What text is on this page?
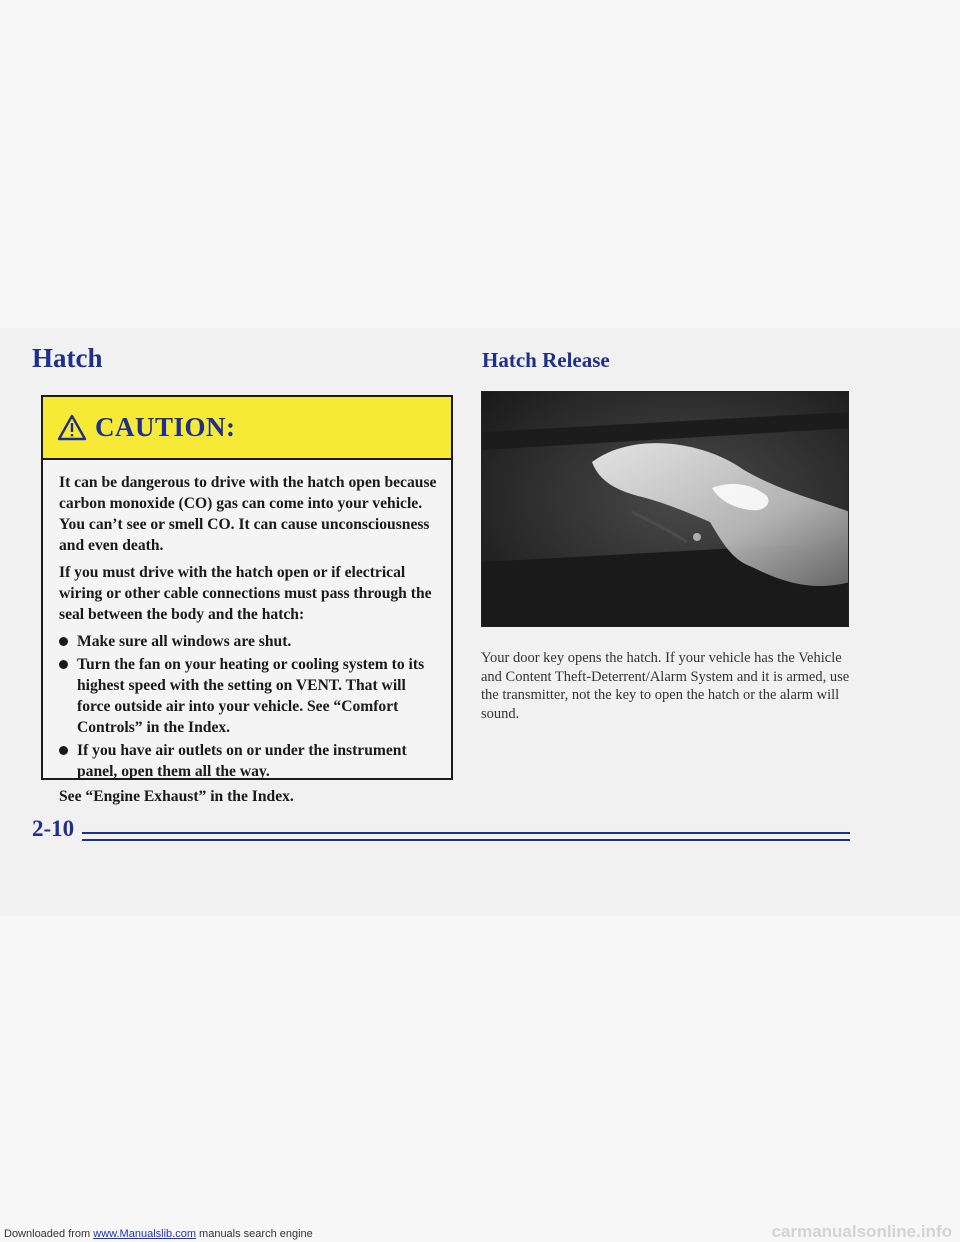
Hatch	Hatch Release
CAUTION:

It can be dangerous to drive with the hatch open because carbon monoxide (CO) gas can come into your vehicle. You can’t see or smell CO. It can cause unconsciousness and even death.

If you must drive with the hatch open or if electrical wiring or other cable connections must pass through the seal between the body and the hatch:

Make sure all windows are shut.
Turn the fan on your heating or cooling system to its highest speed with the setting on VENT. That will force outside air into your vehicle. See “Comfort Controls” in the Index.
If you have air outlets on or under the instrument panel, open them all the way.

See “Engine Exhaust” in the Index.

Your door key opens the hatch. If your vehicle has the Vehicle and Content Theft-Deterrent/Alarm System and it is armed, use the transmitter, not the key to open the hatch or the alarm will sound.

2-10
Downloaded from www.Manualslib.com manuals search engine	carmanualsonline.info
